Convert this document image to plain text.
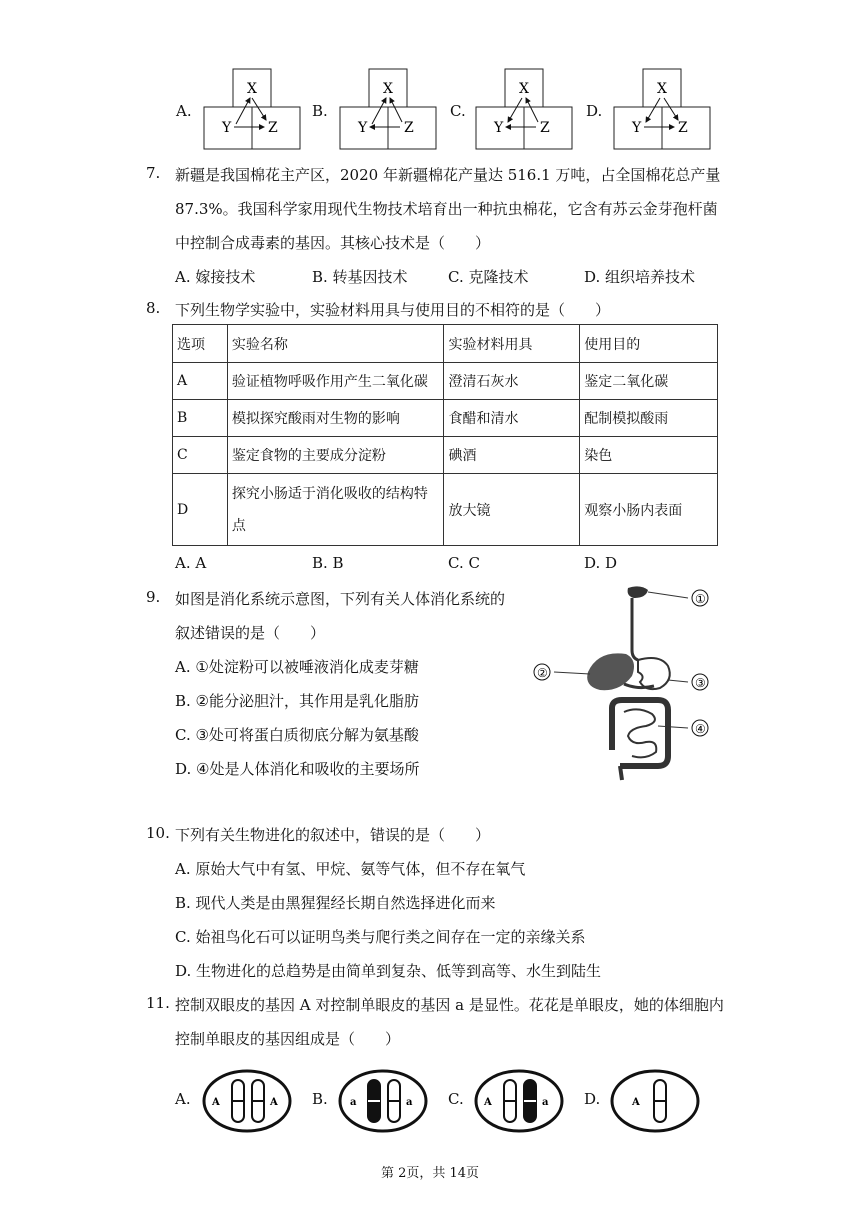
A.	B.	C.	D.
X
Y	Z
X
Y	Z
X
Y	Z
X
Y	Z
7. 新疆是我国棉花主产区，2020 年新疆棉花产量达 516.1 万吨，占全国棉花总产量
87.3%。我国科学家用现代生物技术培育出一种抗虫棉花，它含有苏云金芽孢杆菌
中控制合成毒素的基因。其核心技术是（　　）
A. 嫁接技术	B. 转基因技术	C. 克隆技术	D. 组织培养技术
8. 下列生物学实验中，实验材料用具与使用目的不相符的是（　　）
选项	实验名称	实验材料用具	使用目的
A	验证植物呼吸作用产生二氧化碳	澄清石灰水	鉴定二氧化碳
B	模拟探究酸雨对生物的影响	食醋和清水	配制模拟酸雨
C	鉴定食物的主要成分淀粉	碘酒	染色
D	探究小肠适于消化吸收的结构特点	放大镜	观察小肠内表面
A. A	B. B	C. C	D. D
9. 如图是消化系统示意图，下列有关人体消化系统的
叙述错误的是（　　）
A. ①处淀粉可以被唾液消化成麦芽糖
B. ②能分泌胆汁，其作用是乳化脂肪
C. ③处可将蛋白质彻底分解为氨基酸
D. ④处是人体消化和吸收的主要场所
①
②
③
④
10. 下列有关生物进化的叙述中，错误的是（　　）
A. 原始大气中有氢、甲烷、氨等气体，但不存在氧气
B. 现代人类是由黑猩猩经长期自然选择进化而来
C. 始祖鸟化石可以证明鸟类与爬行类之间存在一定的亲缘关系
D. 生物进化的总趋势是由简单到复杂、低等到高等、水生到陆生
11. 控制双眼皮的基因 A 对控制单眼皮的基因 a 是显性。花花是单眼皮，她的体细胞内
控制单眼皮的基因组成是（　　）
A.	B.	C.	D.
A	A	a	a	A	a	A
第 2页，共 14页
